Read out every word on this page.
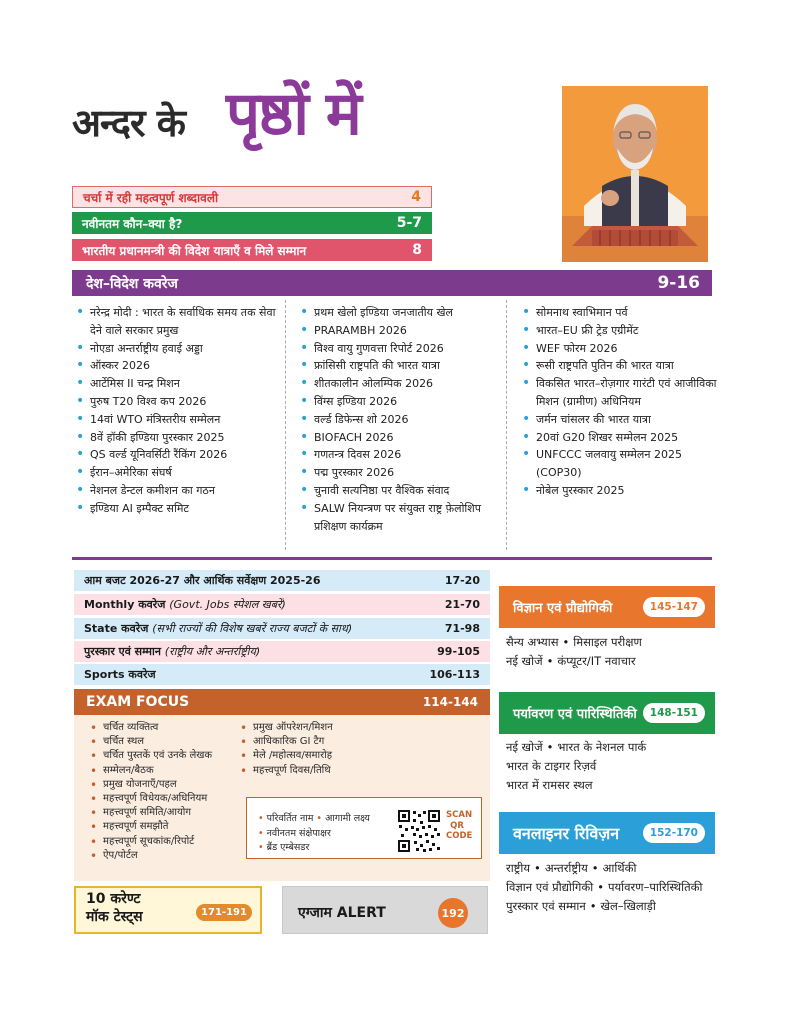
अन्दर के पृष्ठों में
चर्चा में रही महत्वपूर्ण शब्दावली	4
नवीनतम कौन–क्या है?	5-7
भारतीय प्रधानमन्त्री की विदेश यात्राएँ व मिले सम्मान	8
देश–विदेश कवरेज	9-16
• नरेन्द्र मोदी : भारत के सर्वाधिक समय तक सेवा देने वाले सरकार प्रमुख
• नोएडा अन्तर्राष्ट्रीय हवाई अड्डा
• ऑस्कर 2026
• आर्टेमिस II चन्द्र मिशन
• पुरुष T20 विश्व कप 2026
• 14वां WTO मंत्रिस्तरीय सम्मेलन
• 8वें हॉकी इण्डिया पुरस्कार 2025
• QS वर्ल्ड यूनिवर्सिटी रैंकिंग 2026
• ईरान–अमेरिका संघर्ष
• नेशनल डेन्टल कमीशन का गठन
• इण्डिया AI इम्पैक्ट समिट
• प्रथम खेलो इण्डिया जनजातीय खेल
• PRARAMBH 2026
• विश्व वायु गुणवत्ता रिपोर्ट 2026
• फ्रांसिसी राष्ट्रपति की भारत यात्रा
• शीतकालीन ओलम्पिक 2026
• विंग्स इण्डिया 2026
• वर्ल्ड डिफेन्स शो 2026
• BIOFACH 2026
• गणतन्त्र दिवस 2026
• पद्म पुरस्कार 2026
• चुनावी सत्यनिष्ठा पर वैश्विक संवाद
• SALW नियन्त्रण पर संयुक्त राष्ट्र फ़ेलोशिप प्रशिक्षण कार्यक्रम
• सोमनाथ स्वाभिमान पर्व
• भारत–EU फ्री ट्रेड एग्रीमेंट
• WEF फोरम 2026
• रूसी राष्ट्रपति पुतिन की भारत यात्रा
• विकसित भारत–रोज़गार गारंटी एवं आजीविका मिशन (ग्रामीण) अधिनियम
• जर्मन चांसलर की भारत यात्रा
• 20वां G20 शिखर सम्मेलन 2025
• UNFCCC जलवायु सम्मेलन 2025 (COP30)
• नोबेल पुरस्कार 2025
आम बजट 2026-27 और आर्थिक सर्वेक्षण 2025-26	17-20
Monthly कवरेज (Govt. Jobs स्पेशल खबरें)	21-70
State कवरेज (सभी राज्यों की विशेष खबरें राज्य बजटों के साथ)	71-98
पुरस्कार एवं सम्मान (राष्ट्रीय और अन्तर्राष्ट्रीय)	99-105
Sports कवरेज	106-113
EXAM FOCUS	114-144
• चर्चित व्यक्तित्व
• चर्चित स्थल
• चर्चित पुस्तकें एवं उनके लेखक
• सम्मेलन/बैठक
• प्रमुख योजनाएँ/पहल
• महत्त्वपूर्ण विधेयक/अधिनियम
• महत्त्वपूर्ण समिति/आयोग
• महत्त्वपूर्ण समझौते
• महत्त्वपूर्ण सूचकांक/रिपोर्ट
• ऐप/पोर्टल
• प्रमुख ऑपरेशन/मिशन
• आधिकारिक GI टैग
• मेले /महोत्सव/समारोह
• महत्त्वपूर्ण दिवस/तिथि
• परिवर्तित नाम • आगामी लक्ष्य
• नवीनतम संक्षेपाक्षर
• ब्रैंड एम्बेसडर
SCAN
QR
CODE
10 करेण्ट
मॉक टेस्ट्स	171-191	एग्जाम ALERT	192
विज्ञान एवं प्रौद्योगिकी	145-147
सैन्य अभ्यास • मिसाइल परीक्षण
नई खोजें • कंप्यूटर/IT नवाचार
पर्यावरण एवं पारिस्थितिकी	148-151
नई खोजें • भारत के नेशनल पार्क
भारत के टाइगर रिज़र्व
भारत में रामसर स्थल
वनलाइनर रिविज़न	152-170
राष्ट्रीय • अन्तर्राष्ट्रीय • आर्थिकी
विज्ञान एवं प्रौद्योगिकी • पर्यावरण–पारिस्थितिकी
पुरस्कार एवं सम्मान • खेल–खिलाड़ी
